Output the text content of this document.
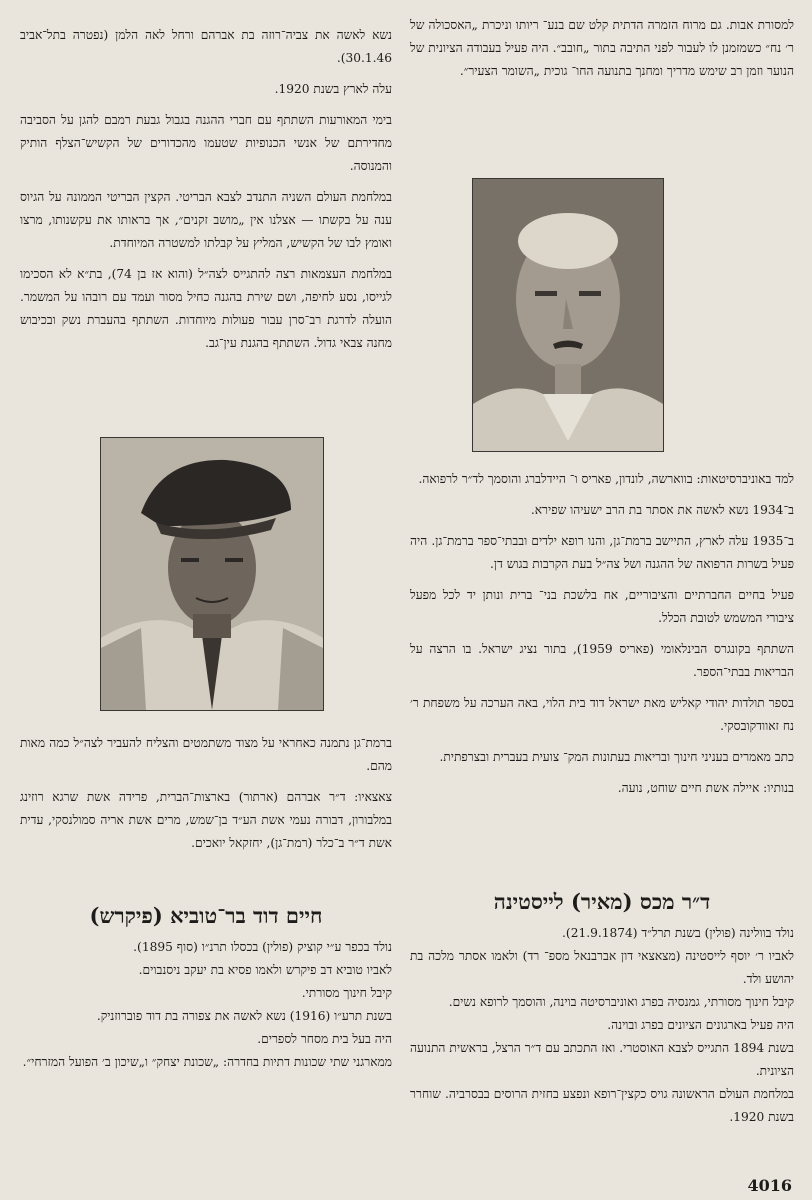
למסורת אבות. גם מרוח הזמרה הדתית קלט שם בנע־ ריותו וניכרת „האסכולה של ר׳ נח״ כשמזמנן לו לעבור לפני התיבה בתור „חובב״. היה פעיל בעבודה הציונית של הנוער וזמן רב שימש מדריך ומחנך בתנועה החו־ גוכית „השומר הצעיר״.

למד באוניברסיטאות: בווארשה, לונדון, פאריס ו־ היידלברג והוסמך לד״ר לרפואה.

ב־1934 נשא לאשה את אסתר בת הרב ישעיהו שפירא.

ב־1935 עלה לארץ, התיישב ברמת־גן, והנו רופא ילדים ובבתי־ספר ברמת־גן. היה פעיל בשרות הרפואה של ההגנה ושל צה״ל בעת הקרבות בגוש דן.

פעיל בחיים החברתיים והציבוריים, אח בלשכת בני־ ברית ונותן יד לכל מפעל ציבורי המשמש לטובת הכלל.

השתתף בקונגרס הבינלאומי (פאריס 1959), בתור נציג ישראל. בו הרצה על הבריאות בבתי־הספר.

בספר תולדות יהודי קאליש מאת ישראל דוד בית הלוי, באה הערכה על משפחת ר׳ נח זאוודקובסקי.

כתב מאמרים בעניני חינוך ובריאות בעתונות המק־ צועית בעברית ובצרפתית.

בנותיו: איילה אשת חיים שוחט, נועה.

ד״ר מכס (מאיר) לייסטינה

נולד בוולינה (פולין) בשנת תרל״ד (21.9.1874).

לאביו ר׳ יוסף לייסטינה (מצאצאי דון אברבנאל מספ־ רד) ולאמו אסתר מלכה בת יהושע ולד.

קיבל חינוך מסורתי, גמנסיה בפרג ואוניברסיטה בוינה, והוסמך לרופא נשים.

היה פעיל בארגונים הציונים בפרג ובוינה.

בשנת 1894 התגייס לצבא האוסטרי. ואז התכתב עם ד״ר הרצל, בראשית התנועה הציונית.

במלחמת העולם הראשונה גויס כקצין־רופא ונפצע בחזית הרוסים בבסרביה. שוחרר בשנת 1920.

נשא לאשה את צביה־רוזה בת אברהם ורחל לאה הלמן (נפטרה בתל־אביב 30.1.46).

עלה לארץ בשנת 1920.

בימי המאורעות השתתף עם חברי ההגנה בגבול גבעת רמבם להגן על הסביבה מחדירתם של אנשי הכנופיות שטעמו מהכדורים של הקשיש־הצלף הותיק והמנוסה.

במלחמת העולם השניה התנדב לצבא הבריטי. הקצין הבריטי הממונה על הגיוס ענה על בקשתו — אצלנו אין „מושב זקנים״, אך בראותו את עקשנותו, מרצו ואומץ לבו של הקשיש, המליץ על קבלתו למשטרה המיוחדת.

במלחמת העצמאות רצה להתגייס לצה״ל (והוא אז בן 74), בת״א לא הסכימו לגייסו, נסע לחיפה, ושם שירת בהגנה כחיל מסור ועמד עם רובהו על המשמר. הועלה לדרגת רב־סרן עבור פעולות מיוחדות. השתתף בהעברת נשק ובכיבוש מחנה צבאי גדול. השתתף בהגנת עין־גב.

ברמת־גן נתמנה כאחראי על מצוד משתמטים והצליח להעביר לצה״ל כמה מאות מהם.

צאצאיו: ד״ר אברהם (ארתור) בארצות־הברית, פרידה אשת שרגא רוזינג במלבורון, דבורה נעמי אשת הע״ד בן־שמש, מרים אשת אריה סמולנסקי, עדית אשת ד״ר ב־כלר (רמת־גן), יחזקאל יואכים.

חיים דוד בר־טוביא (פיקרש)

נולד בכפר ע״י קוציק (פולין) בכסלו תרנ״ו (סוף 1895).

לאביו טוביא דב פיקרש ולאמו פסיא בת יעקב ניסנבוים.

קיבל חינוך מסורתי.

בשנת תרע״ו (1916) נשא לאשה את צפורה בת דוד פוברוזניק.

היה בעל בית מסחר לספרים.

ממארגני שתי שכונות דתיות בחדרה: „שכונת יצחק״ ו„שיכון ב׳ הפועל המזרחי״.

4016
